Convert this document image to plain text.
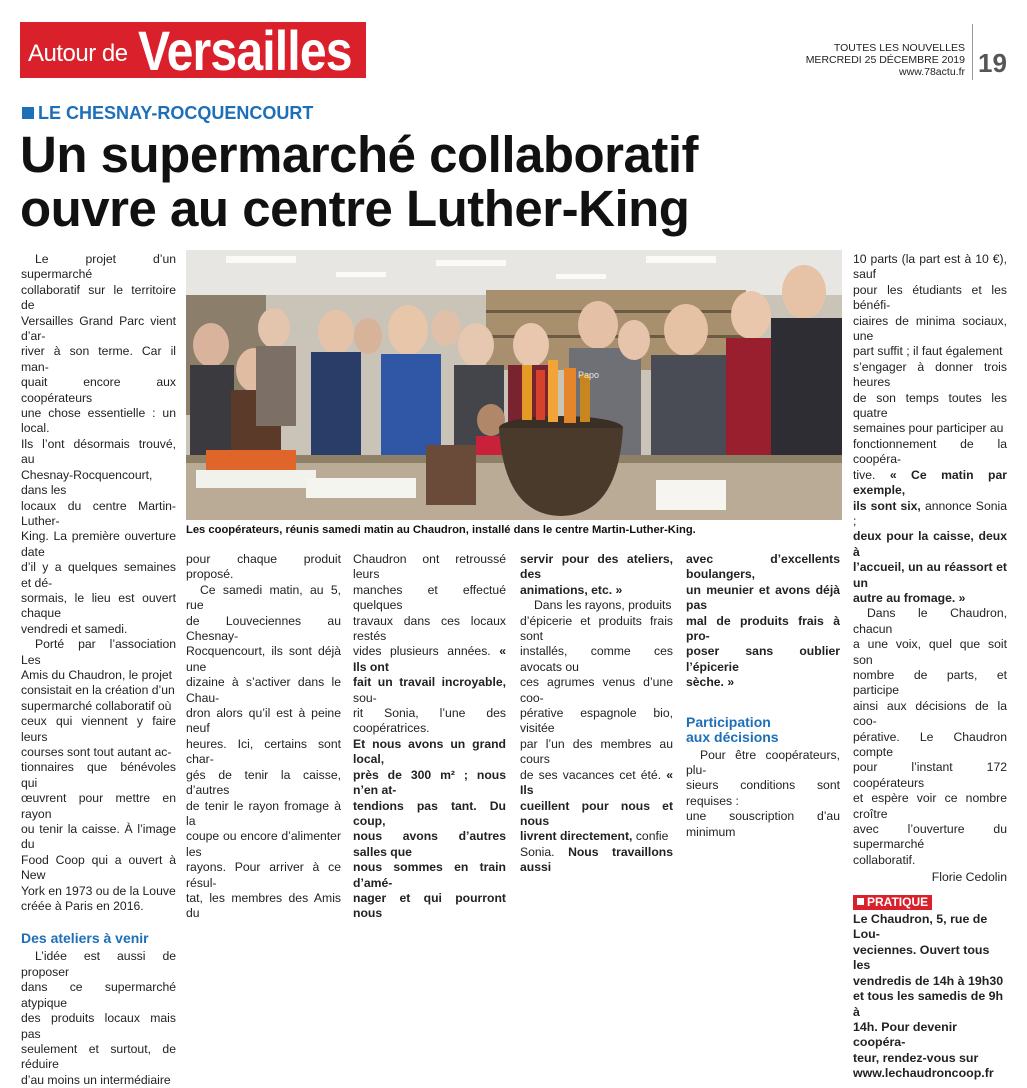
Autour de Versailles	TOUTES LES NOUVELLES
MERCREDI 25 DÉCEMBRE 2019
www.78actu.fr 19
LE CHESNAY-ROCQUENCOURT
Un supermarché collaboratif
ouvre au centre Luther-King
Papo
Les coopérateurs, réunis samedi matin au Chaudron, installé dans le centre Martin-Luther-King.

Le projet d’un supermarché
collaboratif sur le territoire de
Versailles Grand Parc vient d’ar-
river à son terme. Car il man-
quait encore aux coopérateurs
une chose essentielle : un local.
Ils l’ont désormais trouvé, au
Chesnay-Rocquencourt, dans les
locaux du centre Martin-Luther-
King. La première ouverture date
d’il y a quelques semaines et dé-
sormais, le lieu est ouvert chaque
vendredi et samedi.

Porté par l’association Les
Amis du Chaudron, le projet
consistait en la création d’un
supermarché collaboratif où
ceux qui viennent y faire leurs
courses sont tout autant ac-
tionnaires que bénévoles qui
œuvrent pour mettre en rayon
ou tenir la caisse. À l’image du
Food Coop qui a ouvert à New
York en 1973 ou de la Louve
créée à Paris en 2016.

Des ateliers à venir

L’idée est aussi de proposer
dans ce supermarché atypique
des produits locaux mais pas
seulement et surtout, de réduire
d’au moins un intermédiaire

pour chaque produit proposé.

Ce samedi matin, au 5, rue
de Louveciennes au Chesnay-
Rocquencourt, ils sont déjà une
dizaine à s’activer dans le Chau-
dron alors qu’il est à peine neuf
heures. Ici, certains sont char-
gés de tenir la caisse, d’autres
de tenir le rayon fromage à la
coupe ou encore d’alimenter les
rayons. Pour arriver à ce résul-
tat, les membres des Amis du

Chaudron ont retroussé leurs
manches et effectué quelques
travaux dans ces locaux restés
vides plusieurs années. « Ils ont
fait un travail incroyable, sou-
rit Sonia, l’une des coopératrices.
Et nous avons un grand local,
près de 300 m² ; nous n’en at-
tendions pas tant. Du coup,
nous avons d’autres salles que
nous sommes en train d’amé-
nager et qui pourront nous

servir pour des ateliers, des
animations, etc. »

Dans les rayons, produits
d’épicerie et produits frais sont
installés, comme ces avocats ou
ces agrumes venus d’une coo-
pérative espagnole bio, visitée
par l’un des membres au cours
de ses vacances cet été. « Ils
cueillent pour nous et nous
livrent directement, confie
Sonia. Nous travaillons aussi

avec d’excellents boulangers,
un meunier et avons déjà pas
mal de produits frais à pro-
poser sans oublier l’épicerie
sèche. »

Participation
aux décisions

Pour être coopérateurs, plu-
sieurs conditions sont requises :
une souscription d’au minimum

10 parts (la part est à 10 €), sauf
pour les étudiants et les bénéfi-
ciaires de minima sociaux, une
part suffit ; il faut également
s’engager à donner trois heures
de son temps toutes les quatre
semaines pour participer au
fonctionnement de la coopéra-
tive. « Ce matin par exemple,
ils sont six, annonce Sonia ;
deux pour la caisse, deux à
l’accueil, un au réassort et un
autre au fromage. »

Dans le Chaudron, chacun
a une voix, quel que soit son
nombre de parts, et participe
ainsi aux décisions de la coo-
pérative. Le Chaudron compte
pour l’instant 172 coopérateurs
et espère voir ce nombre croître
avec l’ouverture du supermarché
collaboratif.

Florie Cedolin
PRATIQUE
Le Chaudron, 5, rue de Lou-
veciennes. Ouvert tous les
vendredis de 14h à 19h30
et tous les samedis de 9h à
14h. Pour devenir coopéra-
teur, rendez-vous sur
www.lechaudroncoop.fr
